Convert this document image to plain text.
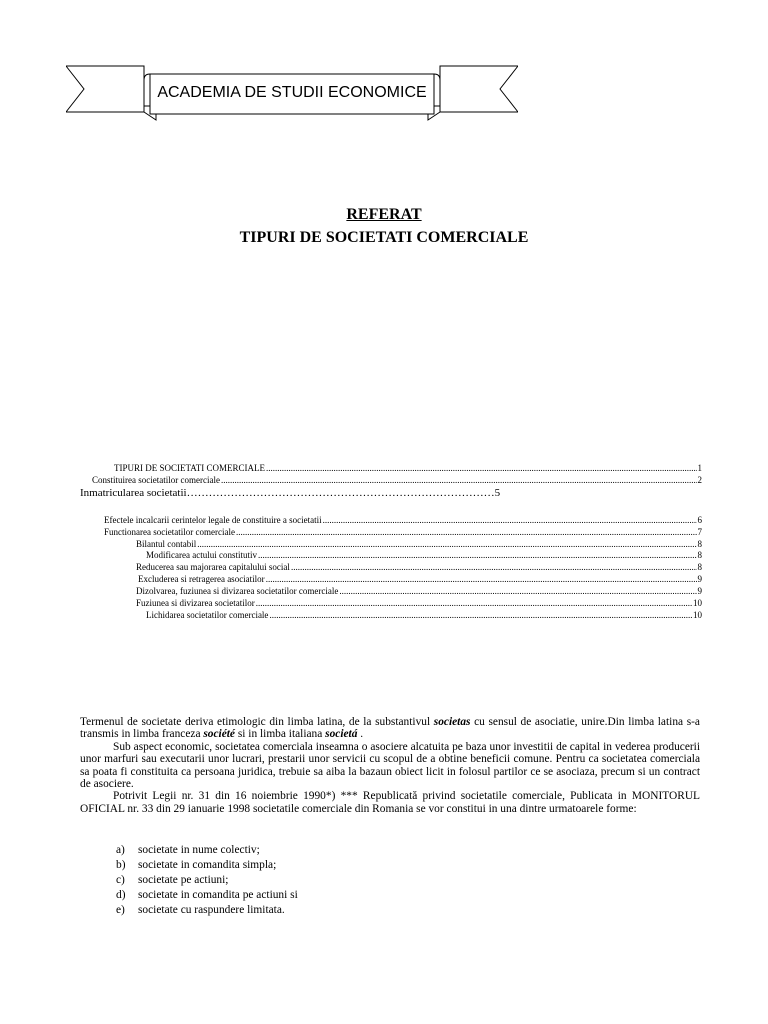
ACADEMIA DE STUDII ECONOMICE
REFERAT
TIPURI DE SOCIETATI COMERCIALE
TIPURI DE SOCIETATI COMERCIALE .....	1
Constituirea societatilor comerciale .....	2
Inmatricularea societatii…………………………………………………………………………5
Efectele incalcarii cerintelor legale de constituire a societatii .....	6
Functionarea societatilor comerciale .....	7
Bilantul contabil .....	8
Modificarea actului constitutiv .....	8
Reducerea sau majorarea capitalului social .....	8
Excluderea si retragerea asociatilor .....	9
Dizolvarea, fuziunea si divizarea societatilor comerciale .....	9
Fuziunea si divizarea societatilor .....	10
Lichidarea societatilor comerciale .....	10

Termenul de societate deriva etimologic din limba latina, de la substantivul societas cu sensul de asociatie, unire.Din limba latina s-a transmis in limba franceza société si in limba italiana societá .

Sub aspect economic, societatea comerciala inseamna o asociere alcatuita pe baza unor investitii de capital in vederea producerii unor marfuri sau executarii unor lucrari, prestarii unor servicii cu scopul de a obtine beneficii comune. Pentru ca societatea comerciala sa poata fi constituita ca persoana juridica, trebuie sa aiba la bazaun obiect licit in folosul partilor ce se asociaza, precum si un contract de asociere.

Potrivit Legii nr. 31 din 16 noiembrie 1990*) *** Republicată privind societatile comerciale, Publicata in MONITORUL OFICIAL nr. 33 din 29 ianuarie 1998 societatile comerciale din Romania se vor constitui in una dintre urmatoarele forme:

a)	societate in nume colectiv;
b)	societate in comandita simpla;
c)	societate pe actiuni;
d)	societate in comandita pe actiuni si
e)	societate cu raspundere limitata.
